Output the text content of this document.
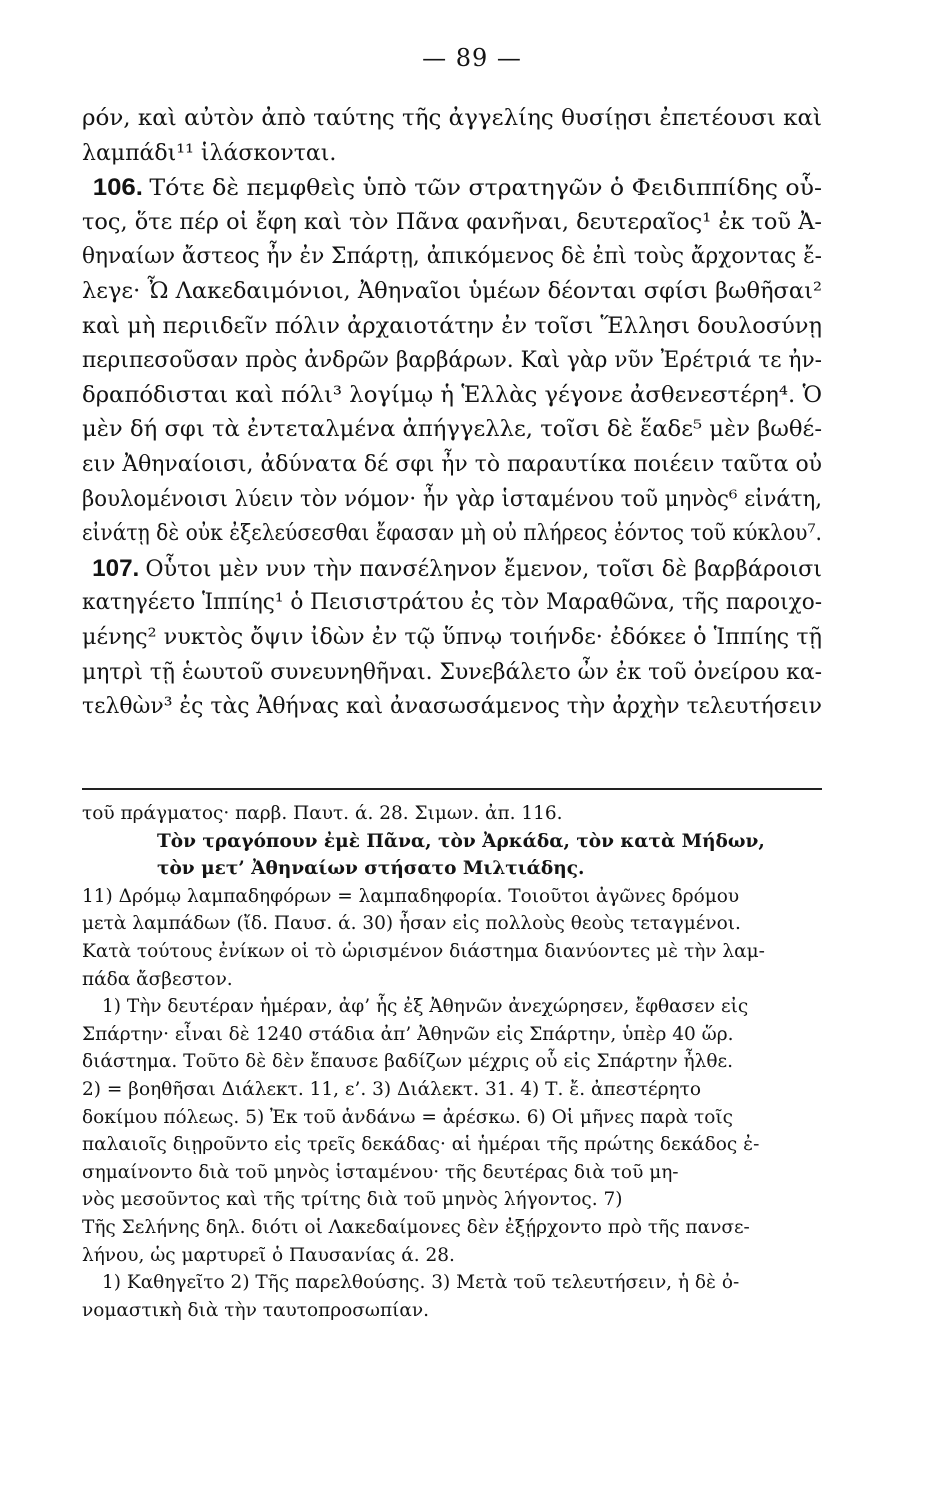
— 89 —
ρόν, καὶ αὐτὸν ἀπὸ ταύτης τῆς ἀγγελίης θυσίῃσι ἐπετέουσι καὶ
λαμπάδι¹¹ ἱλάσκονται.
106. Τότε δὲ πεμφθεὶς ὑπὸ τῶν στρατηγῶν ὁ Φειδιππίδης οὗ-
τος, ὅτε πέρ οἱ ἔφη καὶ τὸν Πᾶνα φανῆναι, δευτεραῖος¹ ἐκ τοῦ Ἀ-
θηναίων ἄστεος ἦν ἐν Σπάρτῃ, ἀπικόμενος δὲ ἐπὶ τοὺς ἄρχοντας ἔ-
λεγε· Ὦ Λακεδαιμόνιοι, Ἀθηναῖοι ὑμέων δέονται σφίσι βωθῆσαι²
καὶ μὴ περιιδεῖν πόλιν ἀρχαιοτάτην ἐν τοῖσι Ἕλλησι δουλοσύνῃ
περιπεσοῦσαν πρὸς ἀνδρῶν βαρβάρων. Καὶ γὰρ νῦν Ἐρέτριά τε ἠν-
δραπόδισται καὶ πόλι³ λογίμῳ ἡ Ἑλλὰς γέγονε ἀσθενεστέρη⁴. Ὁ
μὲν δή σφι τὰ ἐντεταλμένα ἀπήγγελλε, τοῖσι δὲ ἕαδε⁵ μὲν βωθέ-
ειν Ἀθηναίοισι, ἀδύνατα δέ σφι ἦν τὸ παραυτίκα ποιέειν ταῦτα οὐ
βουλομένοισι λύειν τὸν νόμον· ἦν γὰρ ἱσταμένου τοῦ μηνὸς⁶ εἰνάτη,
εἰνάτῃ δὲ οὐκ ἐξελεύσεσθαι ἔφασαν μὴ οὐ πλήρεος ἐόντος τοῦ κύκλου⁷.
107. Οὗτοι μὲν νυν τὴν πανσέληνον ἔμενον, τοῖσι δὲ βαρβάροισι
κατηγέετο Ἱππίης¹ ὁ Πεισιστράτου ἐς τὸν Μαραθῶνα, τῆς παροιχο-
μένης² νυκτὸς ὄψιν ἰδὼν ἐν τῷ ὕπνῳ τοιήνδε· ἐδόκεε ὁ Ἱππίης τῇ
μητρὶ τῇ ἑωυτοῦ συνευνηθῆναι. Συνεβάλετο ὦν ἐκ τοῦ ὀνείρου κα-
τελθὼν³ ἐς τὰς Ἀθήνας καὶ ἀνασωσάμενος τὴν ἀρχὴν τελευτήσειν
τοῦ πράγματος· παρβ. Παυτ. ά. 28. Σιμων. ἀπ. 116.
Τὸν τραγόπουν ἐμὲ Πᾶνα, τὸν Ἀρκάδα, τὸν κατὰ Μήδων,
τὸν μετ’ Ἀθηναίων στήσατο Μιλτιάδης.
11) Δρόμῳ λαμπαδηφόρων = λαμπαδηφορία. Τοιοῦτοι ἀγῶνες δρόμου
μετὰ λαμπάδων (ἴδ. Παυσ. ά. 30) ἦσαν εἰς πολλοὺς θεοὺς τεταγμένοι.
Κατὰ τούτους ἐνίκων οἱ τὸ ὡρισμένον διάστημα διανύοντες μὲ τὴν λαμ-
πάδα ἄσβεστον.
1) Τὴν δευτέραν ἡμέραν, ἀφ’ ἧς ἐξ Ἀθηνῶν ἀνεχώρησεν, ἔφθασεν εἰς
Σπάρτην· εἶναι δὲ 1240 στάδια ἀπ’ Ἀθηνῶν εἰς Σπάρτην, ὑπὲρ 40 ὥρ.
διάστημα. Τοῦτο δὲ δὲν ἔπαυσε βαδίζων μέχρις οὗ εἰς Σπάρτην ἦλθε.
2) = βοηθῆσαι Διάλεκτ. 11, ε’. 3) Διάλεκτ. 31. 4) Τ. ἔ. ἀπεστέρητο
δοκίμου πόλεως. 5) Ἐκ τοῦ ἁνδάνω = ἀρέσκω. 6) Οἱ μῆνες παρὰ τοῖς
παλαιοῖς διῃροῦντο εἰς τρεῖς δεκάδας· αἱ ἡμέραι τῆς πρώτης δεκάδος ἐ-
σημαίνοντο διὰ τοῦ μηνὸς ἱσταμένου· τῆς δευτέρας διὰ τοῦ μη-
νὸς μεσοῦντος καὶ τῆς τρίτης διὰ τοῦ μηνὸς λήγοντος. 7)
Τῆς Σελήνης δηλ. διότι οἱ Λακεδαίμονες δὲν ἐξῄρχοντο πρὸ τῆς πανσε-
λήνου, ὡς μαρτυρεῖ ὁ Παυσανίας ά. 28.
1) Καθηγεῖτο 2) Τῆς παρελθούσης. 3) Μετὰ τοῦ τελευτήσειν, ἡ δὲ ὀ-
νομαστικὴ διὰ τὴν ταυτοπροσωπίαν.
